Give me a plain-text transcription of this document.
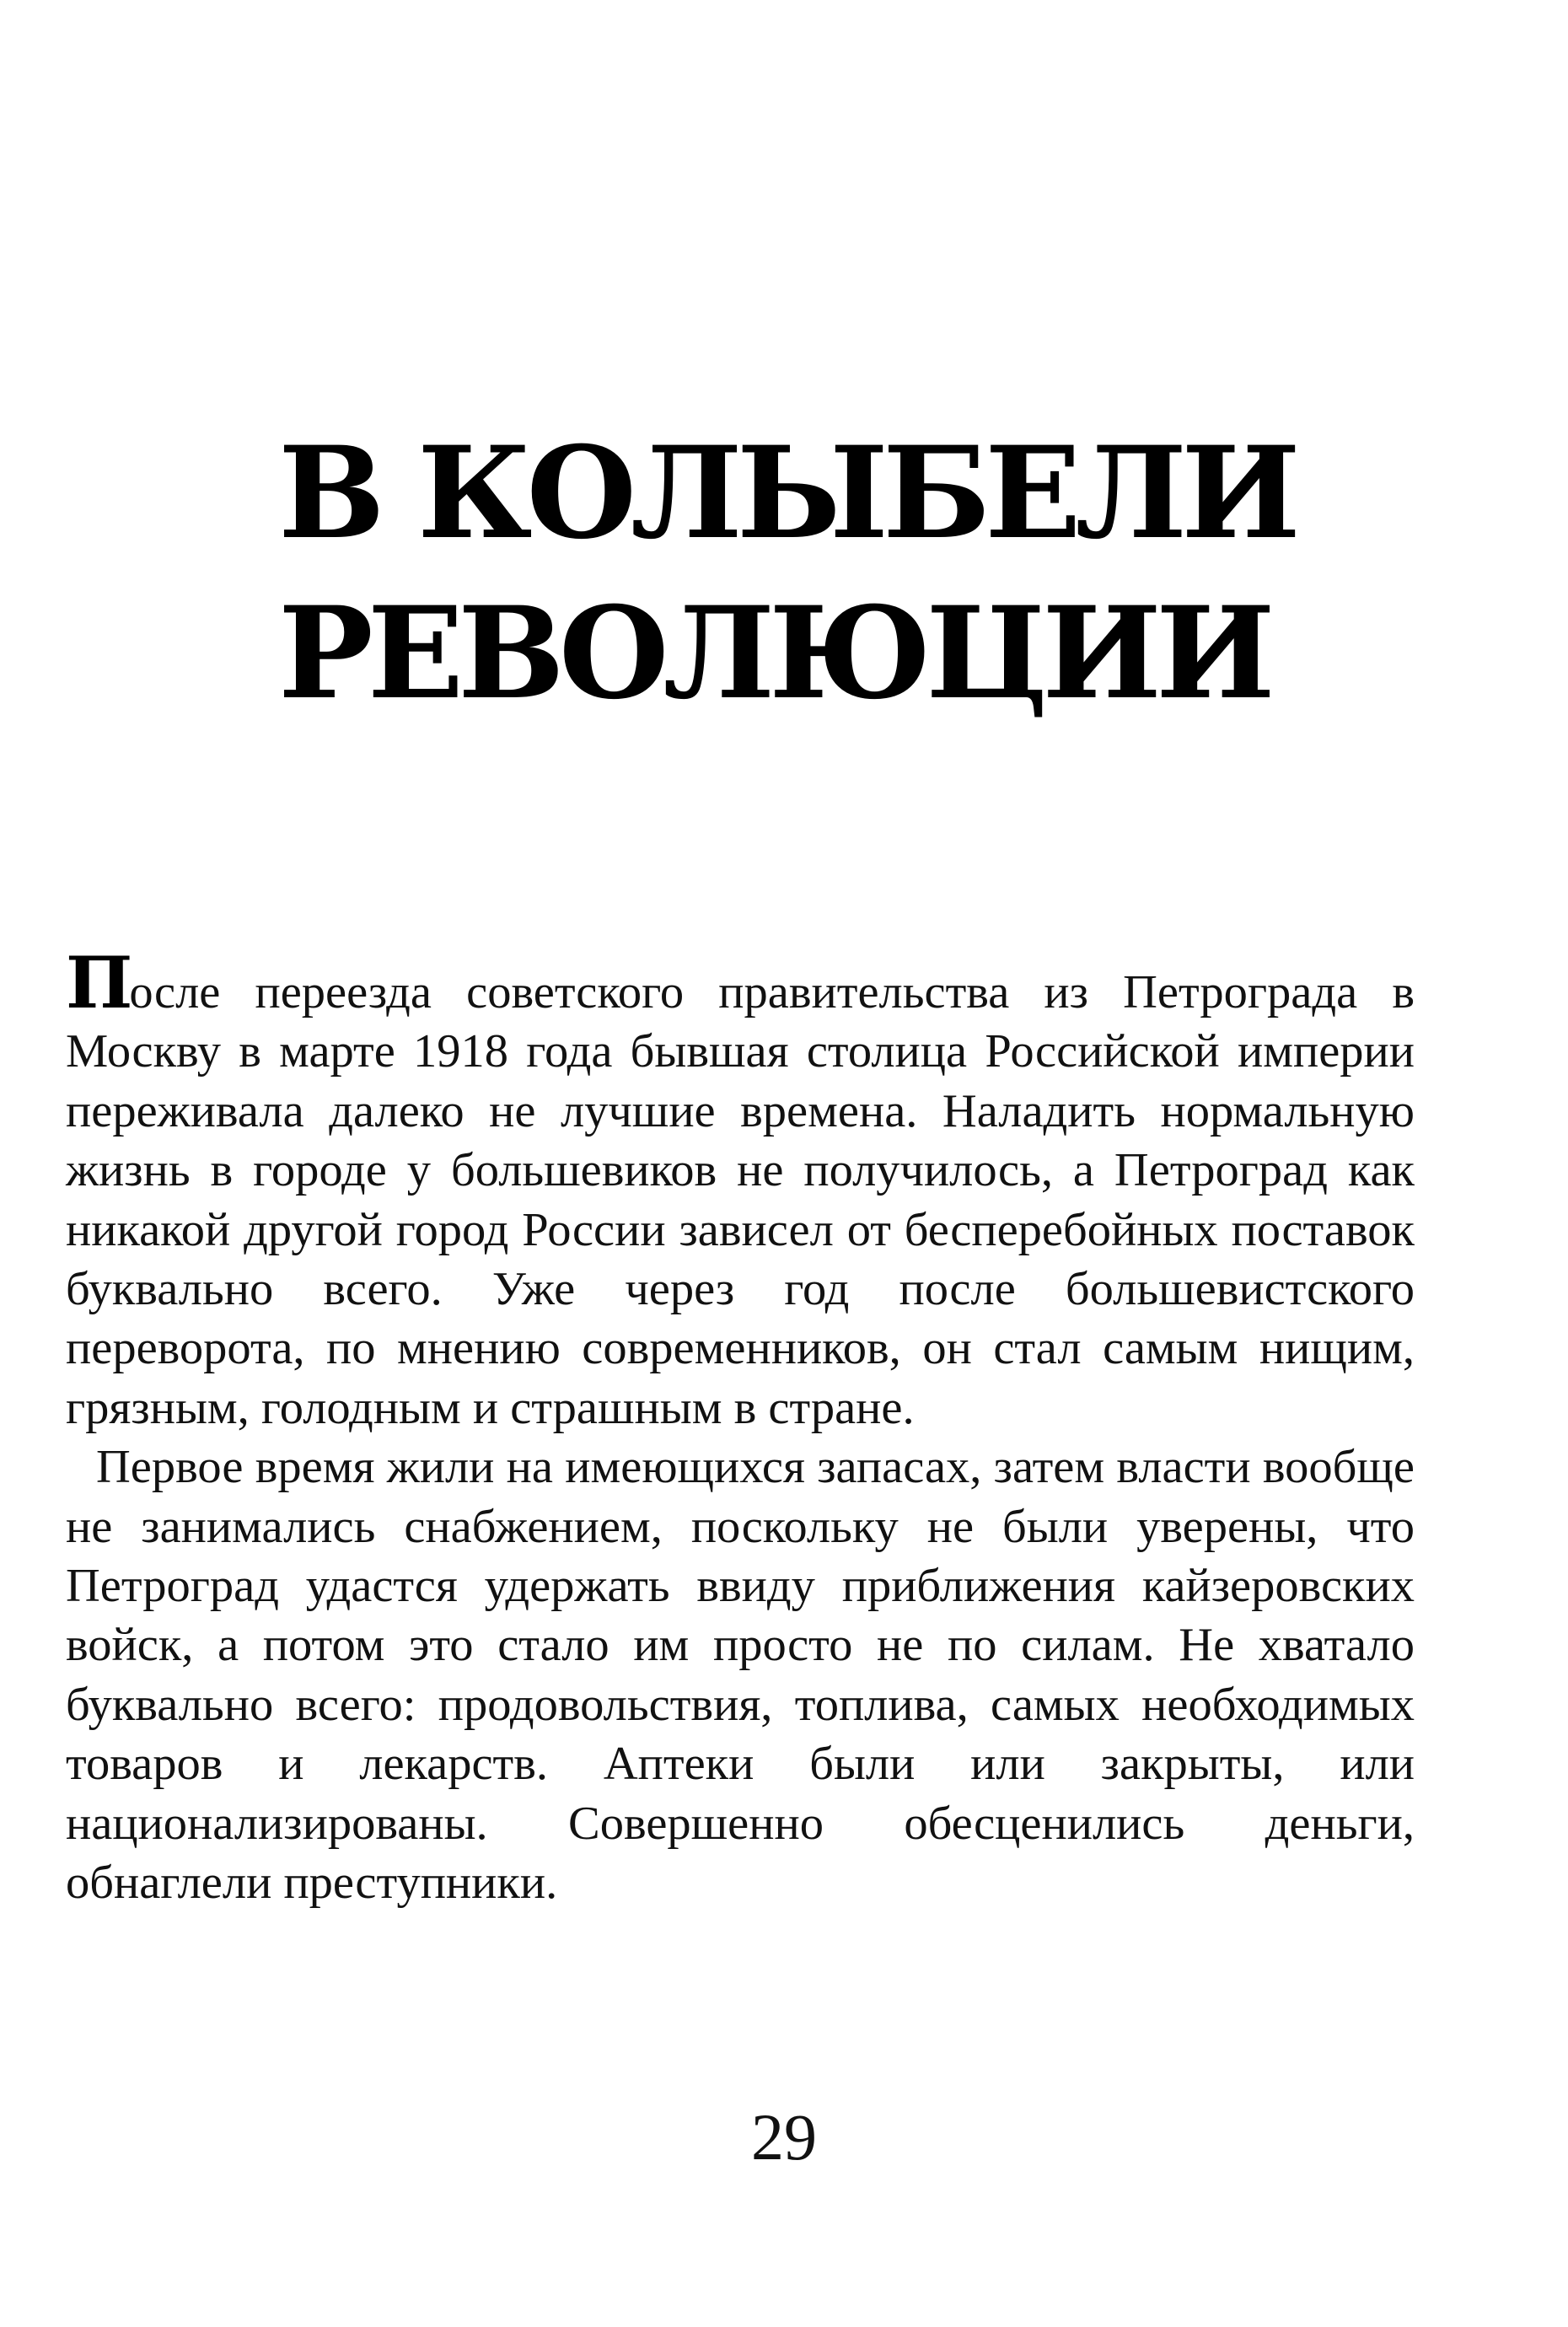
В КОЛЫБЕЛИ
РЕВОЛЮЦИИ

После переезда советского правительства из Петрограда в Москву в марте 1918 года бывшая столица Российской империи переживала далеко не лучшие времена. Наладить нормальную жизнь в городе у большевиков не получилось, а Петроград как никакой другой город России зависел от бесперебойных поставок буквально всего. Уже через год после большевистского переворота, по мнению современников, он стал самым нищим, грязным, голодным и страшным в стране.

Первое время жили на имеющихся запасах, затем власти вообще не занимались снабжением, поскольку не были уверены, что Петроград удастся удержать ввиду приближения кайзеровских войск, а потом это стало им просто не по силам. Не хватало буквально всего: продовольствия, топлива, самых необходимых товаров и лекарств. Аптеки были или закрыты, или национализированы. Совершенно обесценились деньги, обнаглели преступники.

29
